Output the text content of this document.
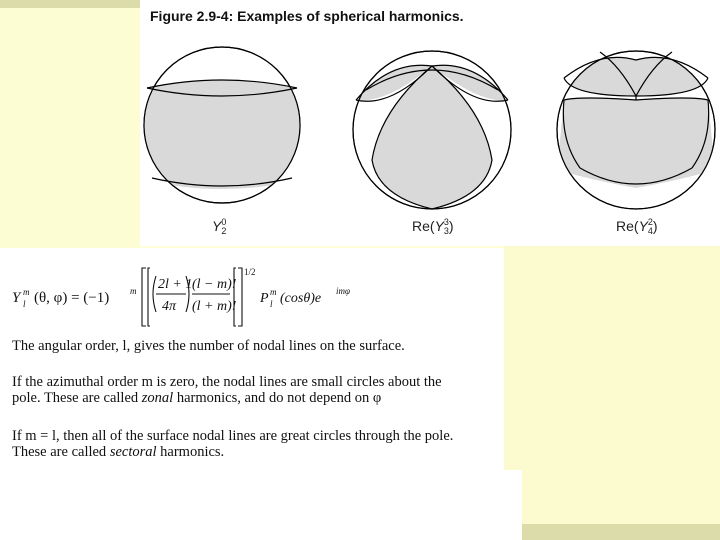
Figure 2.9-4: Examples of spherical harmonics.
Y 0
2	Re(Y 3
3 )	Re(Y 2
4 )
Y m
l (θ, φ) = (−1) m 2l + 1
4π
(l − m)!
(l + m)!
1/2
P m
l (cosθ)e imφ
The angular order, l, gives the number of nodal lines on the surface.
If the azimuthal order m is zero, the nodal lines are small circles about the
pole. These are called zonal harmonics, and do not depend on φ
If m = l, then all of the surface nodal lines are great circles through the pole.
These are called sectoral harmonics.
